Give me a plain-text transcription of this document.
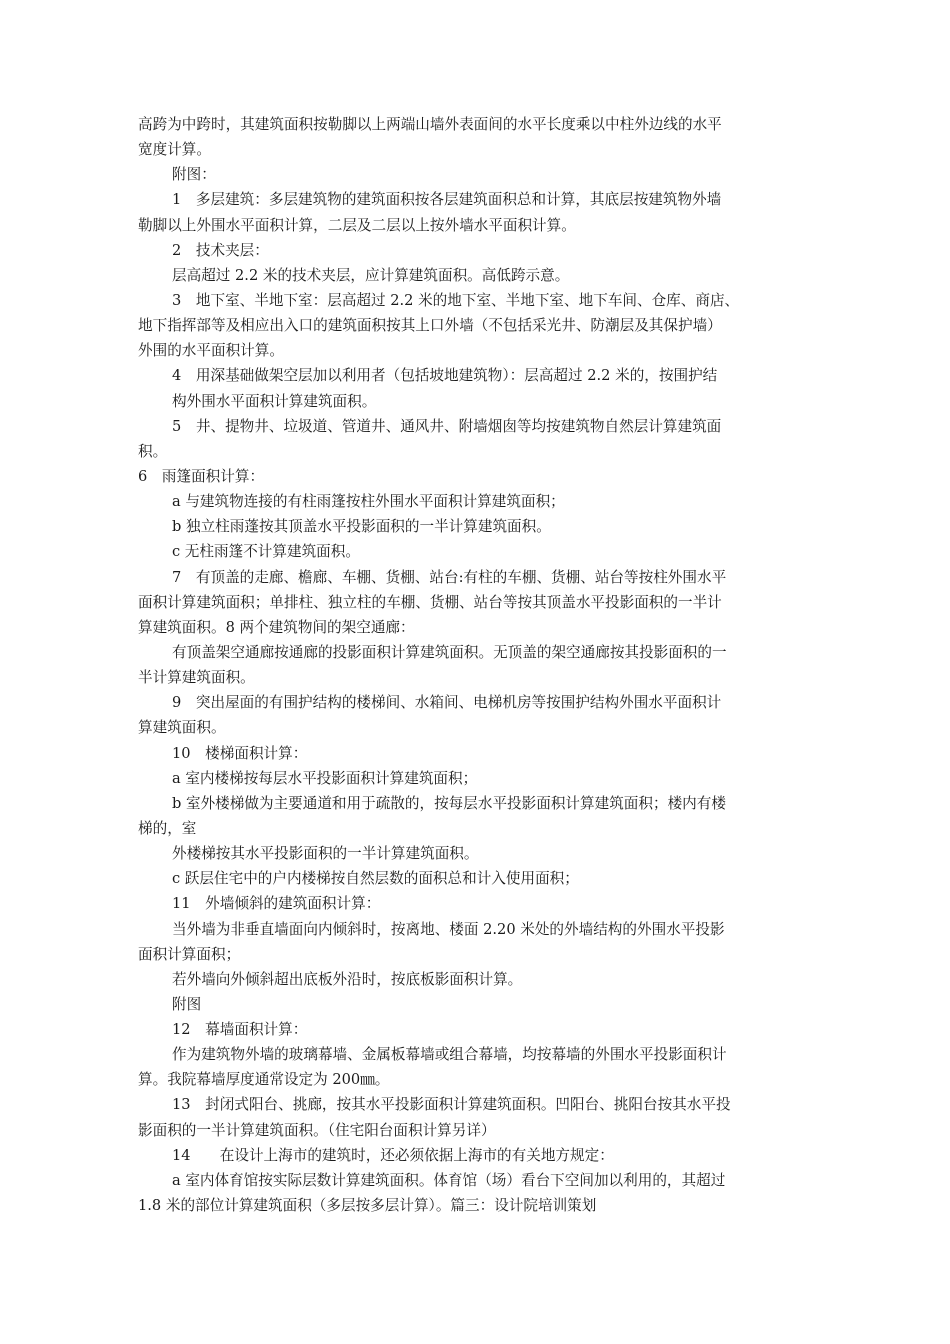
高跨为中跨时，其建筑面积按勒脚以上两端山墙外表面间的水平长度乘以中柱外边线的水平
宽度计算。
附图：
1　多层建筑：多层建筑物的建筑面积按各层建筑面积总和计算，其底层按建筑物外墙
勒脚以上外围水平面积计算，二层及二层以上按外墙水平面积计算。
2　技术夹层：
层高超过 2.2 米的技术夹层，应计算建筑面积。高低跨示意。
3　地下室、半地下室：层高超过 2.2 米的地下室、半地下室、地下车间、仓库、商店、
地下指挥部等及相应出入口的建筑面积按其上口外墙（不包括采光井、防潮层及其保护墙）
外围的水平面积计算。
4　用深基础做架空层加以利用者（包括坡地建筑物）：层高超过 2.2 米的，按围护结
构外围水平面积计算建筑面积。
5　井、提物井、垃圾道、管道井、通风井、附墙烟囱等均按建筑物自然层计算建筑面
积。
6　雨篷面积计算：
a 与建筑物连接的有柱雨篷按柱外围水平面积计算建筑面积；
b 独立柱雨蓬按其顶盖水平投影面积的一半计算建筑面积。
c 无柱雨篷不计算建筑面积。
7　有顶盖的走廊、檐廊、车棚、货棚、站台:有柱的车棚、货棚、站台等按柱外围水平
面积计算建筑面积；单排柱、独立柱的车棚、货棚、站台等按其顶盖水平投影面积的一半计
算建筑面积。8 两个建筑物间的架空通廊：
有顶盖架空通廊按通廊的投影面积计算建筑面积。无顶盖的架空通廊按其投影面积的一
半计算建筑面积。
9　突出屋面的有围护结构的楼梯间、水箱间、电梯机房等按围护结构外围水平面积计
算建筑面积。
10　楼梯面积计算：
a 室内楼梯按每层水平投影面积计算建筑面积；
b 室外楼梯做为主要通道和用于疏散的，按每层水平投影面积计算建筑面积；楼内有楼
梯的，室
外楼梯按其水平投影面积的一半计算建筑面积。
c 跃层住宅中的户内楼梯按自然层数的面积总和计入使用面积；
11　外墙倾斜的建筑面积计算：
当外墙为非垂直墙面向内倾斜时，按离地、楼面 2.20 米处的外墙结构的外围水平投影
面积计算面积；
若外墙向外倾斜超出底板外沿时，按底板影面积计算。
附图
12　幕墙面积计算：
作为建筑物外墙的玻璃幕墙、金属板幕墙或组合幕墙，均按幕墙的外围水平投影面积计
算。我院幕墙厚度通常设定为 200㎜。
13　封闭式阳台、挑廊，按其水平投影面积计算建筑面积。凹阳台、挑阳台按其水平投
影面积的一半计算建筑面积。（住宅阳台面积计算另详）
14　　在设计上海市的建筑时，还必须依据上海市的有关地方规定：
a 室内体育馆按实际层数计算建筑面积。体育馆（场）看台下空间加以利用的，其超过
1.8 米的部位计算建筑面积（多层按多层计算）。篇三：设计院培训策划
